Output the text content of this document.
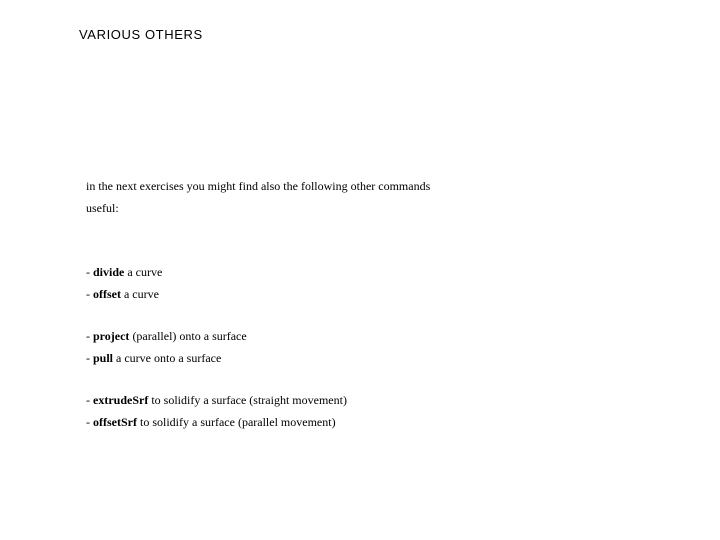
VARIOUS OTHERS
in the next exercises you might find also the following other commands
useful:
- divide a curve
- offset a curve
- project (parallel) onto a surface
- pull a curve onto a surface
- extrudeSrf to solidify a surface (straight movement)
- offsetSrf to solidify a surface (parallel movement)
